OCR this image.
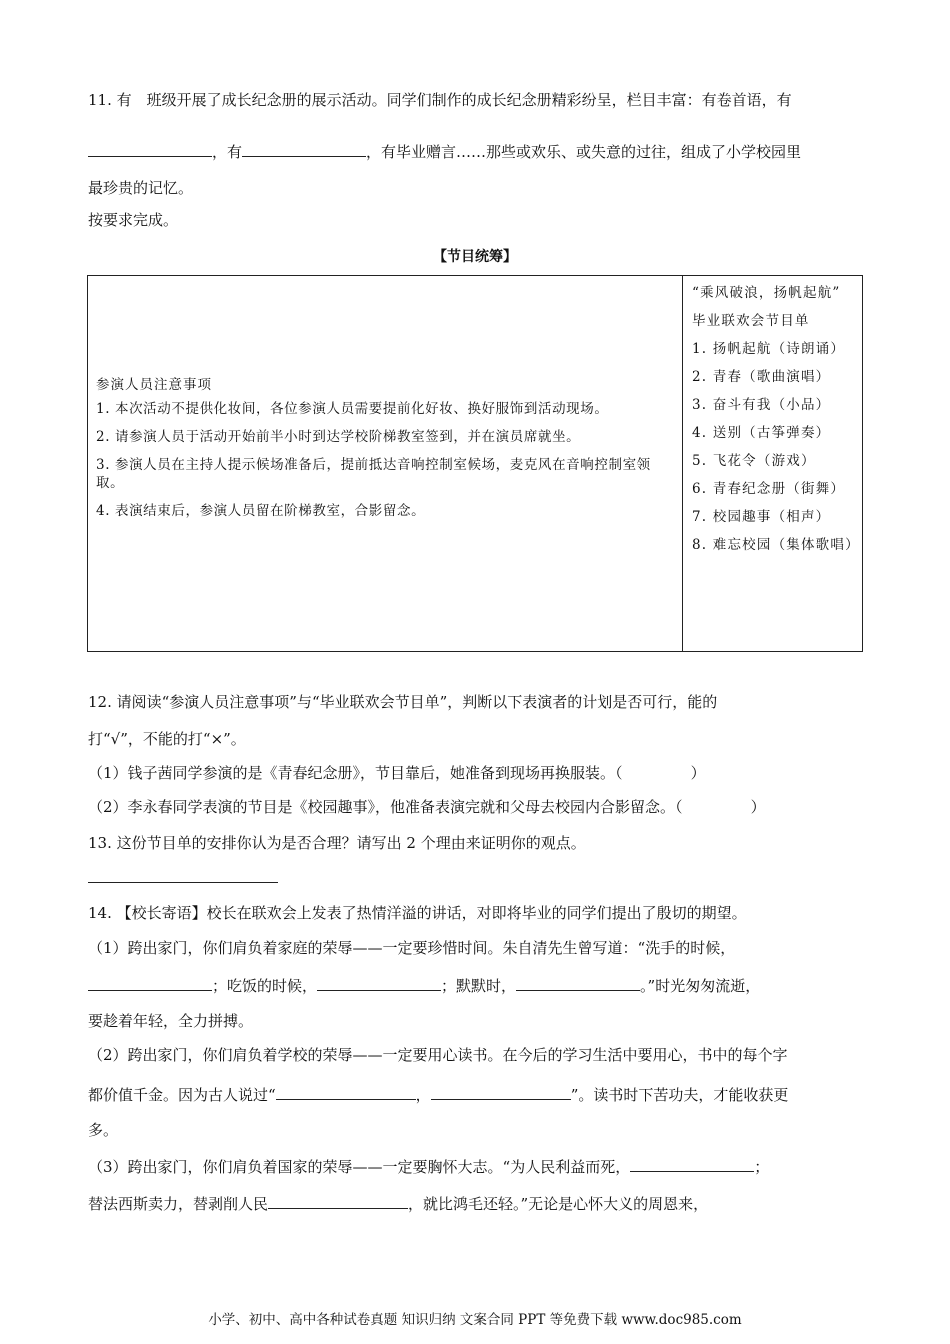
11. 有　班级开展了成长纪念册的展示活动。同学们制作的成长纪念册精彩纷呈，栏目丰富：有卷首语，有
，有	，有毕业赠言……那些或欢乐、或失意的过往，组成了小学校园里
最珍贵的记忆。
按要求完成。
【节目统筹】
参演人员注意事项
1. 本次活动不提供化妆间，各位参演人员需要提前化好妆、换好服饰到活动现场。
2. 请参演人员于活动开始前半小时到达学校阶梯教室签到，并在演员席就坐。
3. 参演人员在主持人提示候场准备后，提前抵达音响控制室候场，麦克风在音响控制室领取。
4. 表演结束后，参演人员留在阶梯教室，合影留念。
“乘风破浪，扬帆起航”
毕业联欢会节目单
1. 扬帆起航（诗朗诵）
2. 青春（歌曲演唱）
3. 奋斗有我（小品）
4. 送别（古筝弹奏）
5. 飞花令（游戏）
6. 青春纪念册（街舞）
7. 校园趣事（相声）
8. 难忘校园（集体歌唱）
12. 请阅读“参演人员注意事项”与“毕业联欢会节目单”，判断以下表演者的计划是否可行，能的
打“√”，不能的打“×”。
（1）钱子茜同学参演的是《青春纪念册》，节目靠后，她准备到现场再换服装。（	）
（2）李永春同学表演的节目是《校园趣事》，他准备表演完就和父母去校园内合影留念。（	）
13. 这份节目单的安排你认为是否合理？请写出 2 个理由来证明你的观点。
14. 【校长寄语】校长在联欢会上发表了热情洋溢的讲话，对即将毕业的同学们提出了殷切的期望。
（1）跨出家门，你们肩负着家庭的荣辱——一定要珍惜时间。朱自清先生曾写道：“洗手的时候，
；吃饭的时候，	；默默时，	。”时光匆匆流逝，
要趁着年轻，全力拼搏。
（2）跨出家门，你们肩负着学校的荣辱——一定要用心读书。在今后的学习生活中要用心，书中的每个字
都价值千金。因为古人说过“	，	”。读书时下苦功夫，才能收获更
多。
（3）跨出家门，你们肩负着国家的荣辱——一定要胸怀大志。“为人民利益而死，	；
替法西斯卖力，替剥削人民	，就比鸿毛还轻。”无论是心怀大义的周恩来，
小学、初中、高中各种试卷真题 知识归纳 文案合同 PPT 等免费下载 www.doc985.com
